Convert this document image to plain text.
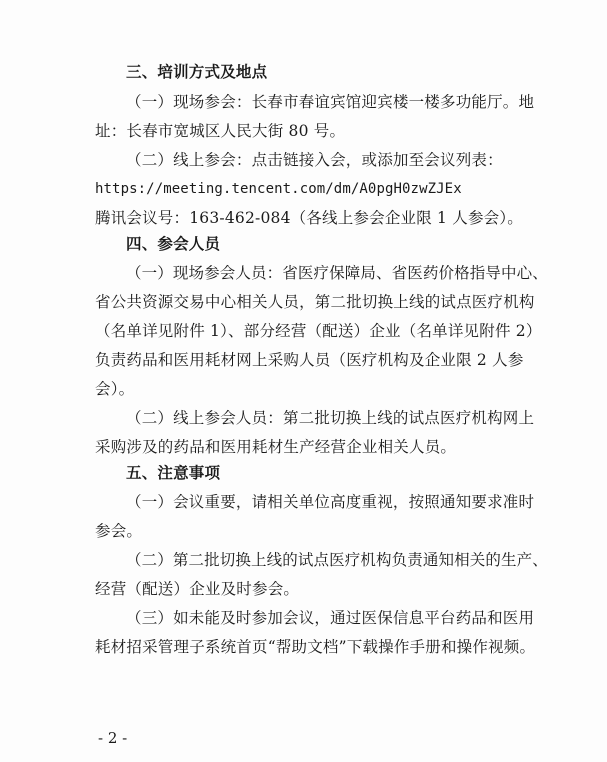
三、培训方式及地点
（一）现场参会：长春市春谊宾馆迎宾楼一楼多功能厅。地
址：长春市宽城区人民大街 80 号。
（二）线上参会：点击链接入会，或添加至会议列表：
https://meeting.tencent.com/dm/A0pgH0zwZJEx
腾讯会议号：163-462-084（各线上参会企业限 1 人参会）。
四、参会人员
（一）现场参会人员：省医疗保障局、省医药价格指导中心、
省公共资源交易中心相关人员，第二批切换上线的试点医疗机构
（名单详见附件 1）、部分经营（配送）企业（名单详见附件 2）
负责药品和医用耗材网上采购人员（医疗机构及企业限 2 人参
会）。
（二）线上参会人员：第二批切换上线的试点医疗机构网上
采购涉及的药品和医用耗材生产经营企业相关人员。
五、注意事项
（一）会议重要，请相关单位高度重视，按照通知要求准时
参会。
（二）第二批切换上线的试点医疗机构负责通知相关的生产、
经营（配送）企业及时参会。
（三）如未能及时参加会议，通过医保信息平台药品和医用
耗材招采管理子系统首页“帮助文档”下载操作手册和操作视频。
- 2 -
